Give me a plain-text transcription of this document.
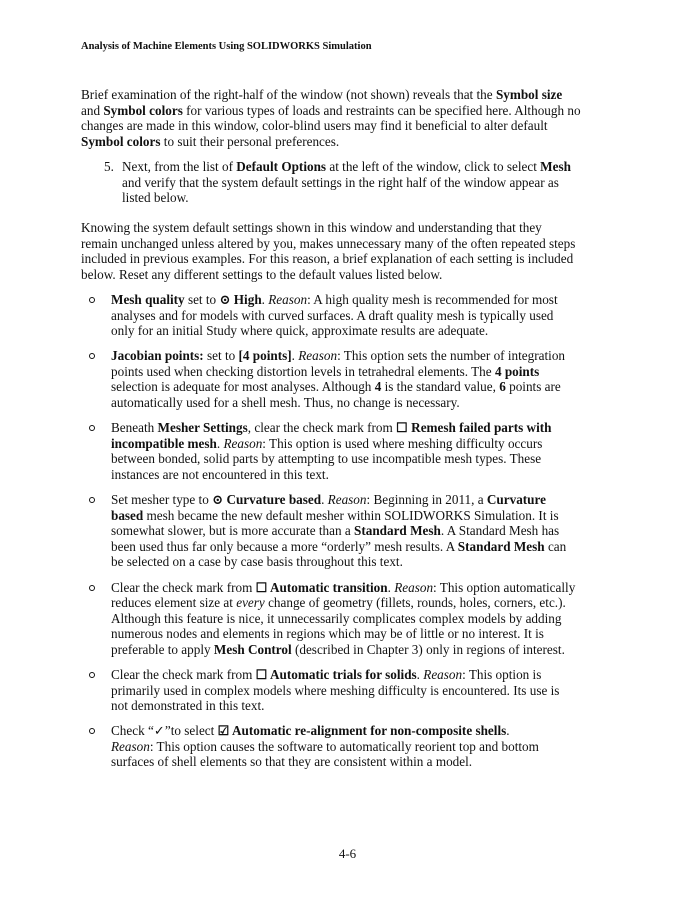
Analysis of Machine Elements Using SOLIDWORKS Simulation
Brief examination of the right-half of the window (not shown) reveals that the Symbol size and Symbol colors for various types of loads and restraints can be specified here. Although no changes are made in this window, color-blind users may find it beneficial to alter default Symbol colors to suit their personal preferences.
5. Next, from the list of Default Options at the left of the window, click to select Mesh and verify that the system default settings in the right half of the window appear as listed below.
Knowing the system default settings shown in this window and understanding that they remain unchanged unless altered by you, makes unnecessary many of the often repeated steps included in previous examples. For this reason, a brief explanation of each setting is included below. Reset any different settings to the default values listed below.
Mesh quality set to ⊙ High. Reason: A high quality mesh is recommended for most analyses and for models with curved surfaces. A draft quality mesh is typically used only for an initial Study where quick, approximate results are adequate.
Jacobian points: set to [4 points]. Reason: This option sets the number of integration points used when checking distortion levels in tetrahedral elements. The 4 points selection is adequate for most analyses. Although 4 is the standard value, 6 points are automatically used for a shell mesh. Thus, no change is necessary.
Beneath Mesher Settings, clear the check mark from ☐ Remesh failed parts with incompatible mesh. Reason: This option is used where meshing difficulty occurs between bonded, solid parts by attempting to use incompatible mesh types. These instances are not encountered in this text.
Set mesher type to ⊙ Curvature based. Reason: Beginning in 2011, a Curvature based mesh became the new default mesher within SOLIDWORKS Simulation. It is somewhat slower, but is more accurate than a Standard Mesh. A Standard Mesh has been used thus far only because a more “orderly” mesh results. A Standard Mesh can be selected on a case by case basis throughout this text.
Clear the check mark from ☐ Automatic transition. Reason: This option automatically reduces element size at every change of geometry (fillets, rounds, holes, corners, etc.). Although this feature is nice, it unnecessarily complicates complex models by adding numerous nodes and elements in regions which may be of little or no interest. It is preferable to apply Mesh Control (described in Chapter 3) only in regions of interest.
Clear the check mark from ☐ Automatic trials for solids. Reason: This option is primarily used in complex models where meshing difficulty is encountered. Its use is not demonstrated in this text.
Check “✓”to select ☑ Automatic re-alignment for non-composite shells.
Reason: This option causes the software to automatically reorient top and bottom surfaces of shell elements so that they are consistent within a model.
4-6
